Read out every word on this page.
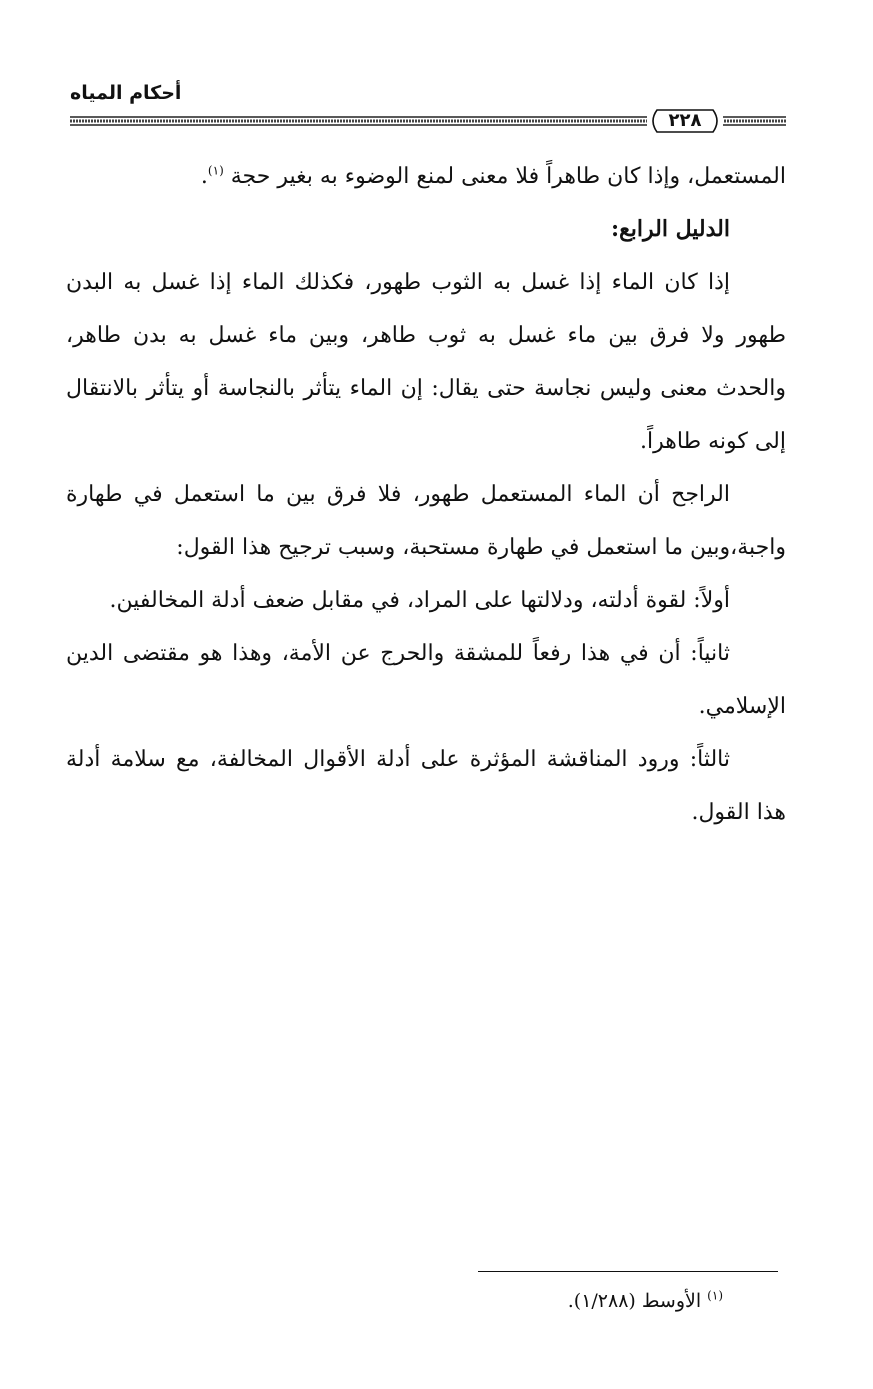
أحكام المياه
٢٢٨

المستعمل، وإذا كان طاهراً فلا معنى لمنع الوضوء به بغير حجة $^{(١)}$.

الدليل الرابع:

إذا كان الماء إذا غسل به الثوب طهور، فكذلك الماء إذا غسل به البدن طهور ولا فرق بين ماء غسل به ثوب طاهر، وبين ماء غسل به بدن طاهر، والحدث معنى وليس نجاسة حتى يقال: إن الماء يتأثر بالنجاسة أو يتأثر بالانتقال إلى كونه طاهراً.

الراجح أن الماء المستعمل طهور، فلا فرق بين ما استعمل في طهارة واجبة،وبين ما استعمل في طهارة مستحبة، وسبب ترجيح هذا القول:

أولاً: لقوة أدلته، ودلالتها على المراد، في مقابل ضعف أدلة المخالفين.

ثانياً: أن في هذا رفعاً للمشقة والحرج عن الأمة، وهذا هو مقتضى الدين الإسلامي.

ثالثاً: ورود المناقشة المؤثرة على أدلة الأقوال المخالفة، مع سلامة أدلة هذا القول.

$^{(١)}$ الأوسط (١/٢٨٨).
